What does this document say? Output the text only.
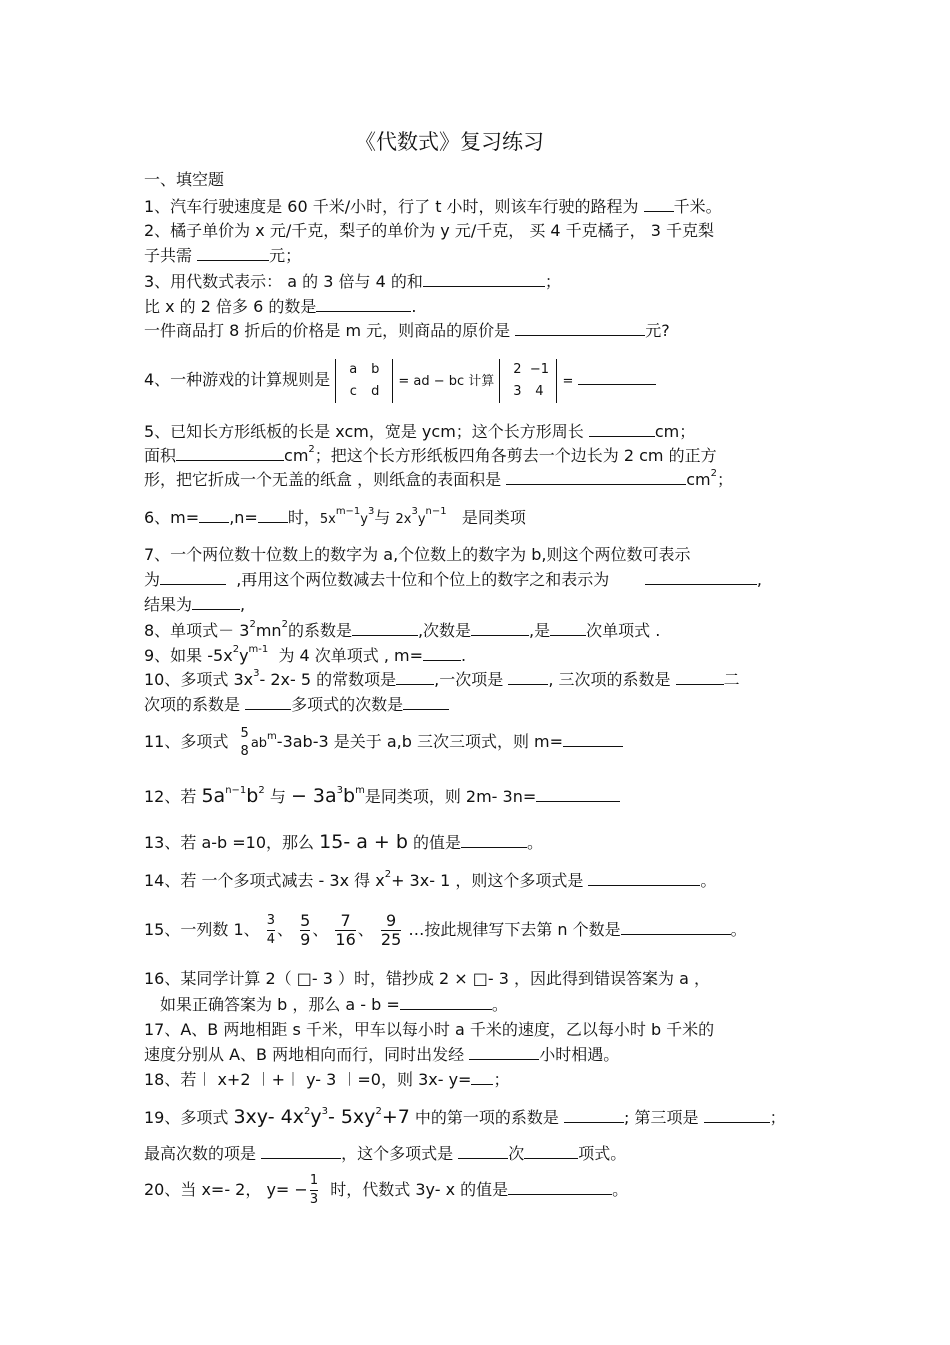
《代数式》复习练习
一、填空题
1、汽车行驶速度是 60 千米/小时，行了 t 小时，则该车行驶的路程为 千米。
2、橘子单价为 x 元/千克，梨子的单价为 y 元/千克， 买 4 千克橘子， 3 千克梨
子共需	元；
3、用代数式表示： a 的 3 倍与 4 的和	；
比 x 的 2 倍多 6 的数是	.
一件商品打 8 折后的价格是 m 元，则商品的原价是	元?
4、一种游戏的计算规则是 a b
c d = ad − bc 计算 2 −1
3 4 =
5、已知长方形纸板的长是 xcm，宽是 ycm；这个长方形周长	cm；
面积	$cm^2$；把这个长方形纸板四角各剪去一个边长为 2 cm 的正方
形，把它折成一个无盖的纸盒 ，则纸盒的表面积是	$cm^2$；
6、m= ,n= 时，$5x^{m-1}y^3$与 $2x^3y^{n-1}$ 是同类项
7、一个两位数十位数上的数字为 a,个位数上的数字为 b,则这个两位数可表示
为	,再用这个两位数减去十位和个位上的数字之和表示为	,
结果为	,
8、单项式－ $3^2mn^2$的系数是	,次数是	,是 次单项式 .
9、如果 $-5x^2y^{m-1}$ 为 4 次单项式 , m= .
10、多项式 $3x^3-$ 2x- 5 的常数项是 ,一次项是	, 三次项的系数是	二
次项的系数是	多项式的次数是
11、多项式 5
8 $ab^m-3ab-3$ 是关于 a,b 三次三项式，则 m=
12、若 $5a^{n-1}b^2$ 与 − $3a^3b^m$是同类项，则 2m- 3n=
13、若 a-b =10，那么 15- a + b 的值是	。
14、若 一个多项式减去 - 3x 得 $x^2+ 3x-$ 1 ，则这个多项式是	。
15、一列数 1、 $\frac{3}{4}$ 、 $\frac{5}{9}$ 、 $\frac{7}{16}$ 、 $\frac{9}{25}$ …按此规律写下去第 n 个数是	。
16、某同学计算 2（ □- 3 ）时，错抄成 2 × □- 3 ，因此得到错误答案为 a ，
如果正确答案为 b ，那么 a - b =	。
17、A、B 两地相距 s 千米，甲车以每小时 a 千米的速度，乙以每小时 b 千米的
速度分别从 A、B 两地相向而行，同时出发经	小时相遇。
18、若︱ x+2 ︱+︱ y- 3 ︱=0，则 3x- y= ；
19、多项式 3xy- $4x^2y^3-$ $5xy^2+7$ 中的第一项的系数是	; 第三项是	；
最高次数的项是	，这个多项式是	次	项式。
20、当 x=- 2， $y= - \frac{1}{3}$ 时，代数式 3y- x 的值是	。
